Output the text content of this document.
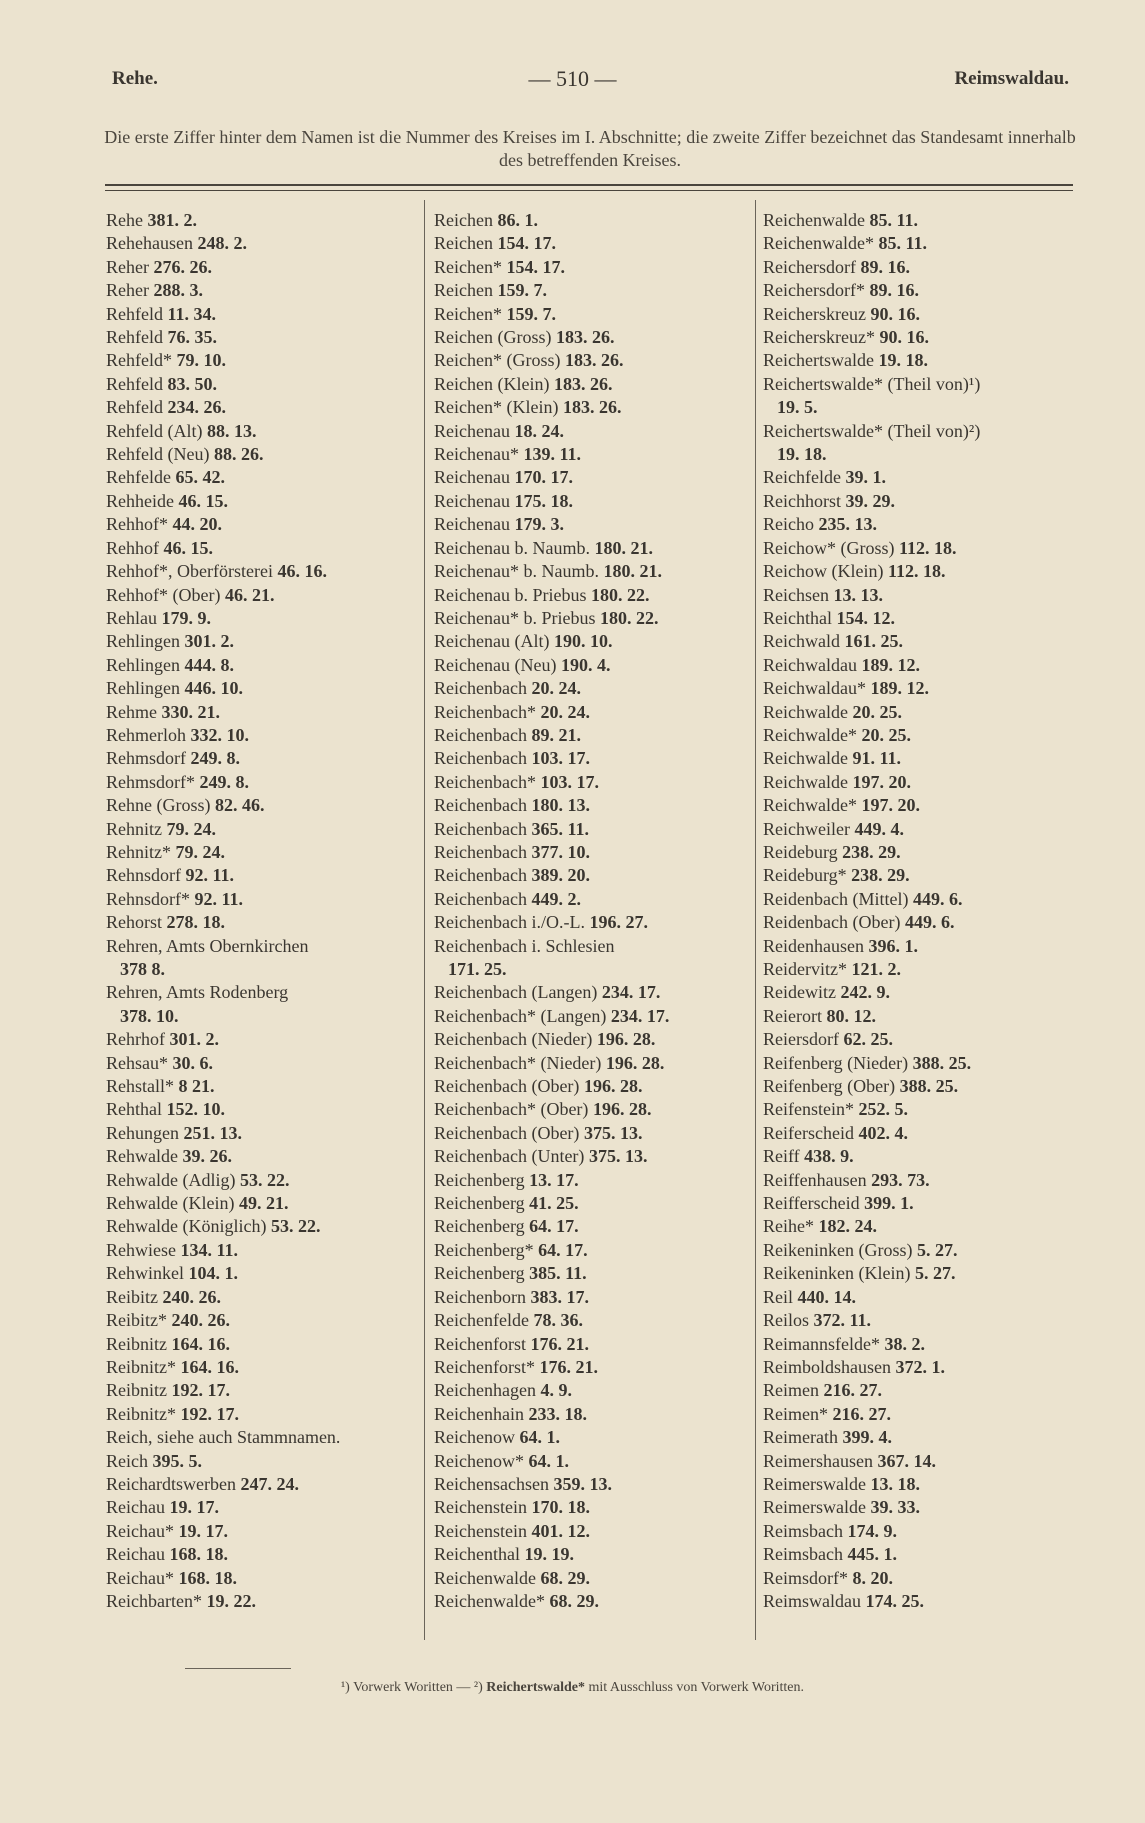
Rehe.	— 510 —	Reimswaldau.
Die erste Ziffer hinter dem Namen ist die Nummer des Kreises im I. Abschnitte; die zweite Ziffer bezeichnet das Standesamt innerhalb des betreffenden Kreises.
Rehe 381. 2.
Rehehausen 248. 2.
Reher 276. 26.
Reher 288. 3.
Rehfeld 11. 34.
Rehfeld 76. 35.
Rehfeld* 79. 10.
Rehfeld 83. 50.
Rehfeld 234. 26.
Rehfeld (Alt) 88. 13.
Rehfeld (Neu) 88. 26.
Rehfelde 65. 42.
Rehheide 46. 15.
Rehhof* 44. 20.
Rehhof 46. 15.
Rehhof*, Oberförsterei 46. 16.
Rehhof* (Ober) 46. 21.
Rehlau 179. 9.
Rehlingen 301. 2.
Rehlingen 444. 8.
Rehlingen 446. 10.
Rehme 330. 21.
Rehmerloh 332. 10.
Rehmsdorf 249. 8.
Rehmsdorf* 249. 8.
Rehne (Gross) 82. 46.
Rehnitz 79. 24.
Rehnitz* 79. 24.
Rehnsdorf 92. 11.
Rehnsdorf* 92. 11.
Rehorst 278. 18.
Rehren, Amts Obernkirchen
378 8.
Rehren, Amts Rodenberg
378. 10.
Rehrhof 301. 2.
Rehsau* 30. 6.
Rehstall* 8 21.
Rehthal 152. 10.
Rehungen 251. 13.
Rehwalde 39. 26.
Rehwalde (Adlig) 53. 22.
Rehwalde (Klein) 49. 21.
Rehwalde (Königlich) 53. 22.
Rehwiese 134. 11.
Rehwinkel 104. 1.
Reibitz 240. 26.
Reibitz* 240. 26.
Reibnitz 164. 16.
Reibnitz* 164. 16.
Reibnitz 192. 17.
Reibnitz* 192. 17.
Reich, siehe auch Stammnamen.
Reich 395. 5.
Reichardtswerben 247. 24.
Reichau 19. 17.
Reichau* 19. 17.
Reichau 168. 18.
Reichau* 168. 18.
Reichbarten* 19. 22.
Reichen 86. 1.
Reichen 154. 17.
Reichen* 154. 17.
Reichen 159. 7.
Reichen* 159. 7.
Reichen (Gross) 183. 26.
Reichen* (Gross) 183. 26.
Reichen (Klein) 183. 26.
Reichen* (Klein) 183. 26.
Reichenau 18. 24.
Reichenau* 139. 11.
Reichenau 170. 17.
Reichenau 175. 18.
Reichenau 179. 3.
Reichenau b. Naumb. 180. 21.
Reichenau* b. Naumb. 180. 21.
Reichenau b. Priebus 180. 22.
Reichenau* b. Priebus 180. 22.
Reichenau (Alt) 190. 10.
Reichenau (Neu) 190. 4.
Reichenbach 20. 24.
Reichenbach* 20. 24.
Reichenbach 89. 21.
Reichenbach 103. 17.
Reichenbach* 103. 17.
Reichenbach 180. 13.
Reichenbach 365. 11.
Reichenbach 377. 10.
Reichenbach 389. 20.
Reichenbach 449. 2.
Reichenbach i./O.-L. 196. 27.
Reichenbach i. Schlesien
171. 25.
Reichenbach (Langen) 234. 17.
Reichenbach* (Langen) 234. 17.
Reichenbach (Nieder) 196. 28.
Reichenbach* (Nieder) 196. 28.
Reichenbach (Ober) 196. 28.
Reichenbach* (Ober) 196. 28.
Reichenbach (Ober) 375. 13.
Reichenbach (Unter) 375. 13.
Reichenberg 13. 17.
Reichenberg 41. 25.
Reichenberg 64. 17.
Reichenberg* 64. 17.
Reichenberg 385. 11.
Reichenborn 383. 17.
Reichenfelde 78. 36.
Reichenforst 176. 21.
Reichenforst* 176. 21.
Reichenhagen 4. 9.
Reichenhain 233. 18.
Reichenow 64. 1.
Reichenow* 64. 1.
Reichensachsen 359. 13.
Reichenstein 170. 18.
Reichenstein 401. 12.
Reichenthal 19. 19.
Reichenwalde 68. 29.
Reichenwalde* 68. 29.
Reichenwalde 85. 11.
Reichenwalde* 85. 11.
Reichersdorf 89. 16.
Reichersdorf* 89. 16.
Reicherskreuz 90. 16.
Reicherskreuz* 90. 16.
Reichertswalde 19. 18.
Reichertswalde* (Theil von)¹)
19. 5.
Reichertswalde* (Theil von)²)
19. 18.
Reichfelde 39. 1.
Reichhorst 39. 29.
Reicho 235. 13.
Reichow* (Gross) 112. 18.
Reichow (Klein) 112. 18.
Reichsen 13. 13.
Reichthal 154. 12.
Reichwald 161. 25.
Reichwaldau 189. 12.
Reichwaldau* 189. 12.
Reichwalde 20. 25.
Reichwalde* 20. 25.
Reichwalde 91. 11.
Reichwalde 197. 20.
Reichwalde* 197. 20.
Reichweiler 449. 4.
Reideburg 238. 29.
Reideburg* 238. 29.
Reidenbach (Mittel) 449. 6.
Reidenbach (Ober) 449. 6.
Reidenhausen 396. 1.
Reidervitz* 121. 2.
Reidewitz 242. 9.
Reierort 80. 12.
Reiersdorf 62. 25.
Reifenberg (Nieder) 388. 25.
Reifenberg (Ober) 388. 25.
Reifenstein* 252. 5.
Reiferscheid 402. 4.
Reiff 438. 9.
Reiffenhausen 293. 73.
Reifferscheid 399. 1.
Reihe* 182. 24.
Reikeninken (Gross) 5. 27.
Reikeninken (Klein) 5. 27.
Reil 440. 14.
Reilos 372. 11.
Reimannsfelde* 38. 2.
Reimboldshausen 372. 1.
Reimen 216. 27.
Reimen* 216. 27.
Reimerath 399. 4.
Reimershausen 367. 14.
Reimerswalde 13. 18.
Reimerswalde 39. 33.
Reimsbach 174. 9.
Reimsbach 445. 1.
Reimsdorf* 8. 20.
Reimswaldau 174. 25.
¹) Vorwerk Woritten — ²) Reichertswalde* mit Ausschluss von Vorwerk Woritten.
